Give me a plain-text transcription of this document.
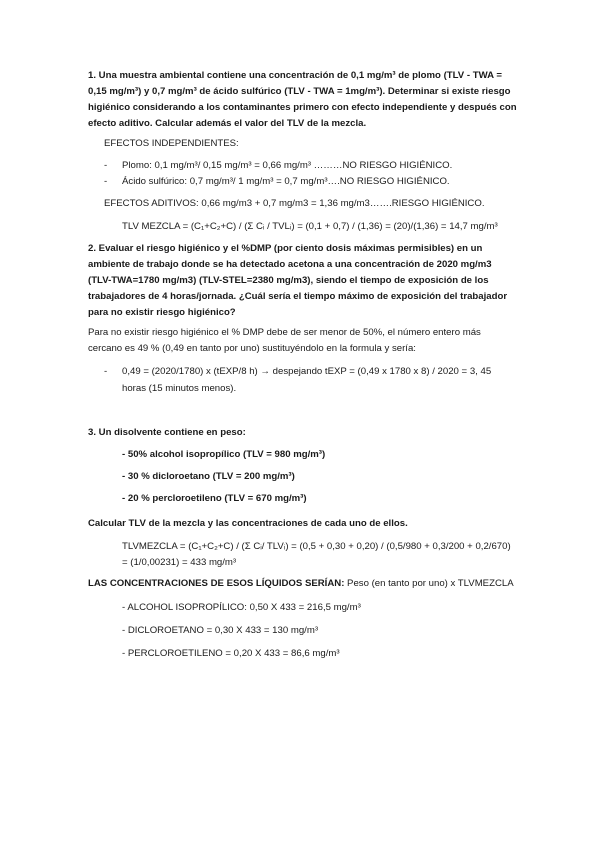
1. Una muestra ambiental contiene una concentración de 0,1 mg/m³ de plomo (TLV - TWA =
0,15 mg/m³) y 0,7 mg/m³ de ácido sulfúrico (TLV - TWA = 1mg/m³). Determinar si existe riesgo
higiénico considerando a los contaminantes primero con efecto independiente y después con
efecto aditivo. Calcular además el valor del TLV de la mezcla.
EFECTOS INDEPENDIENTES:
- Plomo: 0,1 mg/m³/ 0,15 mg/m³ = 0,66 mg/m³ ………NO RIESGO HIGIÉNICO.
- Ácido sulfúrico: 0,7 mg/m³/ 1 mg/m³ = 0,7 mg/m³….NO RIESGO HIGIÉNICO.
EFECTOS ADITIVOS: 0,66 mg/m3 + 0,7 mg/m3 = 1,36 mg/m3…….RIESGO HIGIÉNICO.
TLV MEZCLA = (C₁+C₂+C) / (Σ Cᵢ / TVLᵢ) = (0,1 + 0,7) / (1,36) = (20)/(1,36) = 14,7 mg/m³
2. Evaluar el riesgo higiénico y el %DMP (por ciento dosis máximas permisibles) en un
ambiente de trabajo donde se ha detectado acetona a una concentración de 2020 mg/m3
(TLV-TWA=1780 mg/m3) (TLV-STEL=2380 mg/m3), siendo el tiempo de exposición de los
trabajadores de 4 horas/jornada. ¿Cuál sería el tiempo máximo de exposición del trabajador
para no existir riesgo higiénico?
Para no existir riesgo higiénico el % DMP debe de ser menor de 50%, el número entero más
cercano es 49 % (0,49 en tanto por uno) sustituyéndolo en la formula y sería:
- 0,49 = (2020/1780) x (tEXP/8 h) → despejando tEXP = (0,49 x 1780 x 8) / 2020 = 3, 45
horas (15 minutos menos).
3. Un disolvente contiene en peso:
- 50% alcohol isopropílico (TLV = 980 mg/m³)
- 30 % dicloroetano (TLV = 200 mg/m³)
- 20 % percloroetileno (TLV = 670 mg/m³)
Calcular TLV de la mezcla y las concentraciones de cada uno de ellos.
TLVMEZCLA = (C₁+C₂+C) / (Σ Cᵢ/ TLVᵢ) = (0,5 + 0,30 + 0,20) / (0,5/980 + 0,3/200 + 0,2/670)
= (1/0,00231) = 433 mg/m³
LAS CONCENTRACIONES DE ESOS LÍQUIDOS SERÍAN: Peso (en tanto por uno) x TLVMEZCLA
- ALCOHOL ISOPROPÍLICO: 0,50 X 433 = 216,5 mg/m³
- DICLOROETANO = 0,30 X 433 = 130 mg/m³
- PERCLOROETILENO = 0,20 X 433 = 86,6 mg/m³
